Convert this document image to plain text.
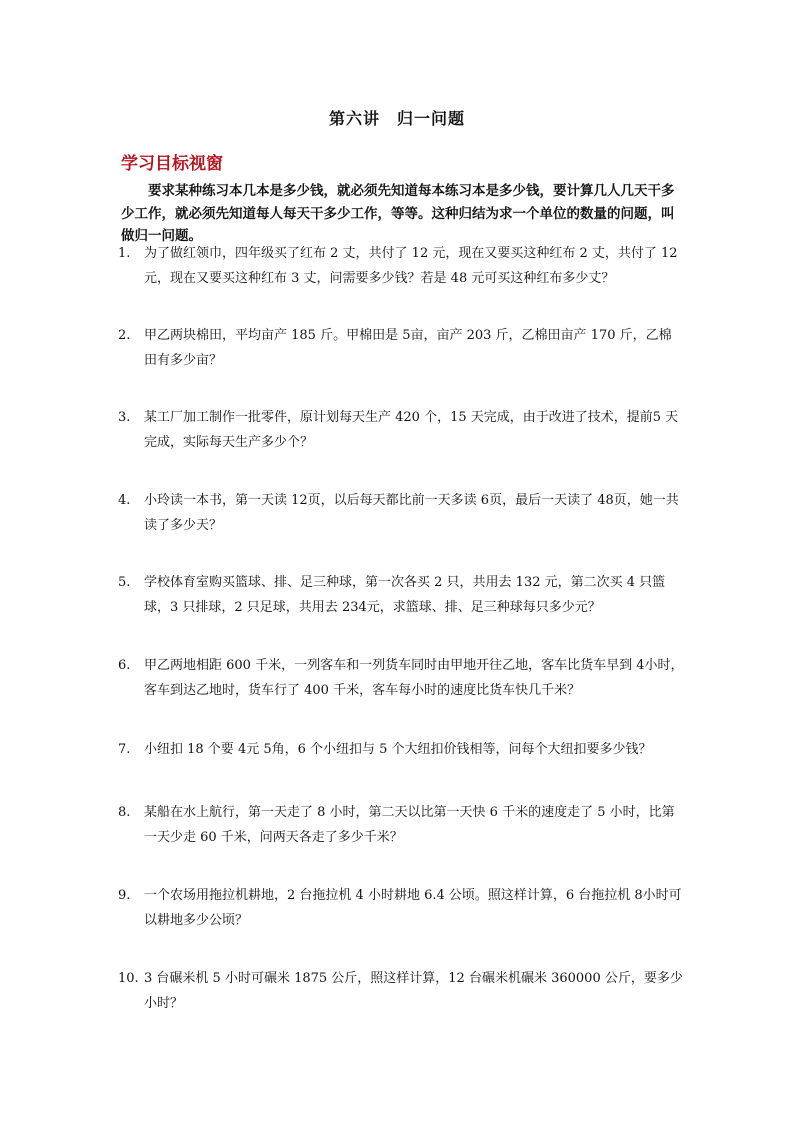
第六讲　归一问题
学习目标视窗
要求某种练习本几本是多少钱，就必须先知道每本练习本是多少钱，要计算几人几天干多少工作，就必须先知道每人每天干多少工作，等等。这种归结为求一个单位的数量的问题，叫做归一问题。
1.	为了做红领巾，四年级买了红布 2 丈，共付了 12 元，现在又要买这种红布 2 丈，共付了 12元，现在又要买这种红布 3 丈，问需要多少钱？若是 48 元可买这种红布多少丈？
2.	甲乙两块棉田，平均亩产 185 斤。甲棉田是 5亩，亩产 203 斤，乙棉田亩产 170 斤，乙棉田有多少亩？
3.	某工厂加工制作一批零件，原计划每天生产 420 个，15 天完成，由于改进了技术，提前5 天完成，实际每天生产多少个？
4.	小玲读一本书，第一天读 12页，以后每天都比前一天多读 6页，最后一天读了 48页，她一共读了多少天？
5.	学校体育室购买篮球、排、足三种球，第一次各买 2 只，共用去 132 元，第二次买 4 只篮球，3 只排球，2 只足球，共用去 234元，求篮球、排、足三种球每只多少元？
6.	甲乙两地相距 600 千米，一列客车和一列货车同时由甲地开往乙地，客车比货车早到 4小时，客车到达乙地时，货车行了 400 千米，客车每小时的速度比货车快几千米？
7.	小纽扣 18 个要 4元 5角，6 个小纽扣与 5 个大纽扣价钱相等，问每个大纽扣要多少钱？
8.	某船在水上航行，第一天走了 8 小时，第二天以比第一天快 6 千米的速度走了 5 小时，比第一天少走 60 千米，问两天各走了多少千米？
9.	一个农场用拖拉机耕地，2 台拖拉机 4 小时耕地 6.4 公顷。照这样计算，6 台拖拉机 8小时可以耕地多少公顷？
10. 3 台碾米机 5 小时可碾米 1875 公斤，照这样计算，12 台碾米机碾米 360000 公斤，要多少小时？
